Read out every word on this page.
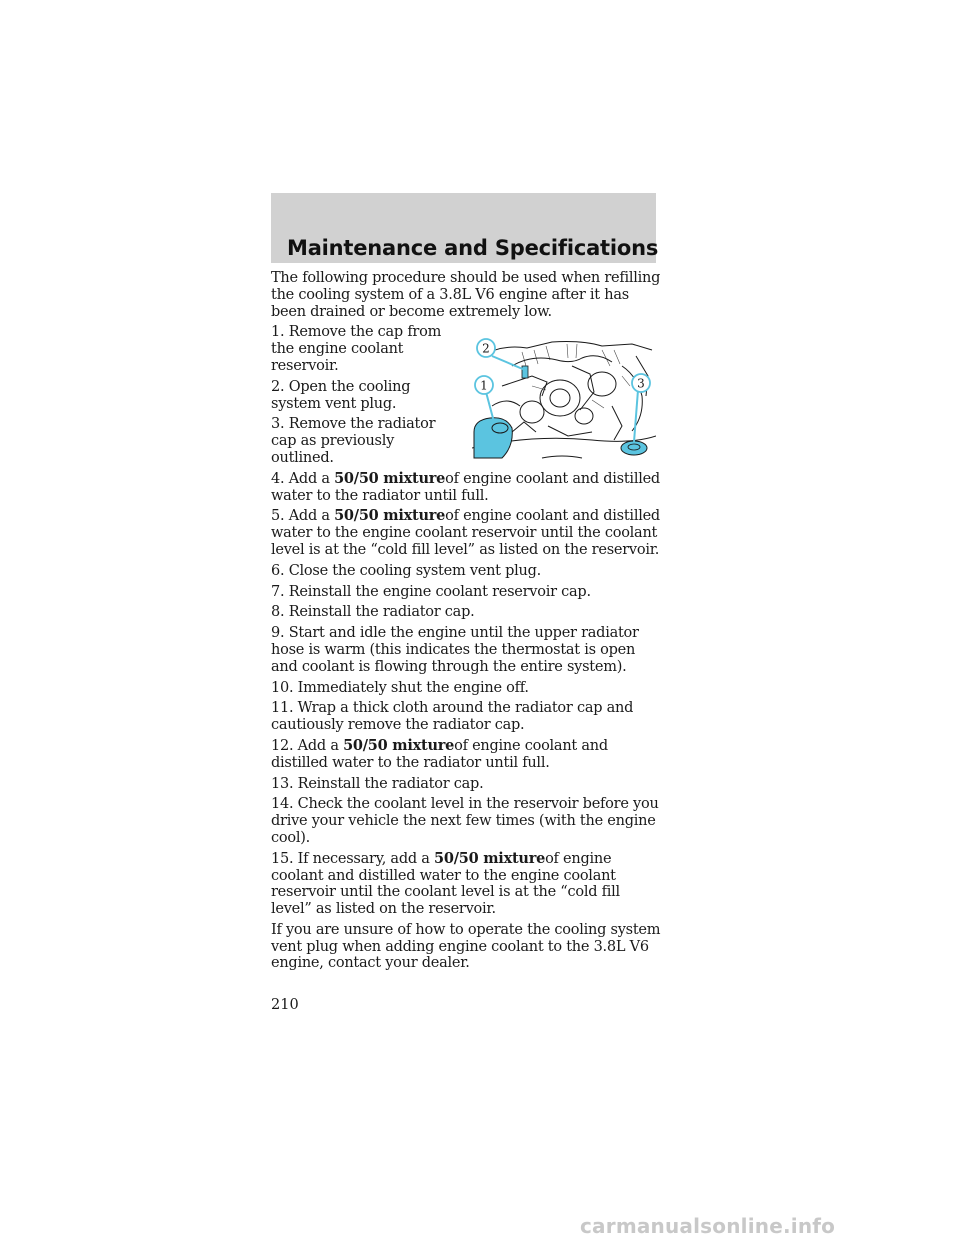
Maintenance and Specifications

The following procedure should be used when refilling the cooling system of a 3.8L V6 engine after it has been drained or become extremely low.

1. Remove the cap from the engine coolant reservoir.

2. Open the cooling system vent plug.

3. Remove the radiator cap as previously outlined.

4. Add a 50/50 mixtureof engine coolant and distilled water to the radiator until full.

5. Add a 50/50 mixtureof engine coolant and distilled water to the engine coolant reservoir until the coolant level is at the “cold fill level” as listed on the reservoir.

6. Close the cooling system vent plug.

7. Reinstall the engine coolant reservoir cap.

8. Reinstall the radiator cap.

9. Start and idle the engine until the upper radiator hose is warm (this indicates the thermostat is open and coolant is flowing through the entire system).

10. Immediately shut the engine off.

11. Wrap a thick cloth around the radiator cap and cautiously remove the radiator cap.

12. Add a 50/50 mixtureof engine coolant and distilled water to the radiator until full.

13. Reinstall the radiator cap.

14. Check the coolant level in the reservoir before you drive your vehicle the next few times (with the engine cool).

15. If necessary, add a 50/50 mixtureof engine coolant and distilled water to the engine coolant reservoir until the coolant level is at the “cold fill level” as listed on the reservoir.

If you are unsure of how to operate the cooling system vent plug when adding engine coolant to the 3.8L V6 engine, contact your dealer.

2
1	3
210
carmanualsonline.info
